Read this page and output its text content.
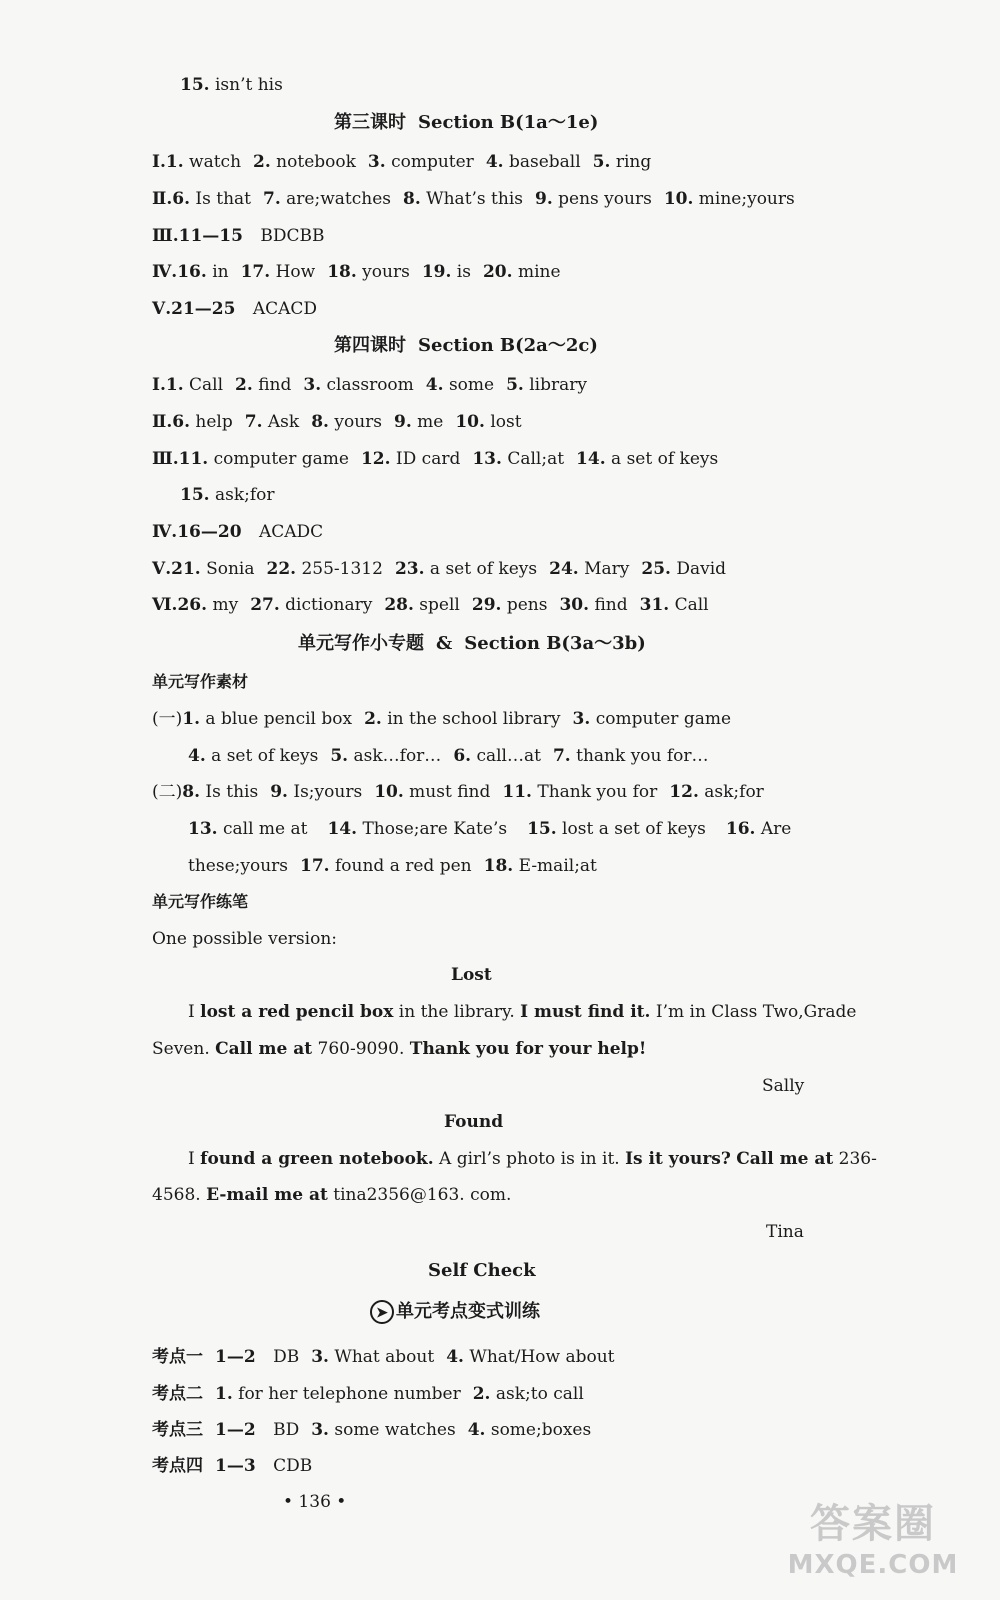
15. isn’t his
第三课时 Section B(1a～1e)
Ⅰ.1. watch 2. notebook 3. computer 4. baseball 5. ring
Ⅱ.6. Is that 7. are;watches 8. What’s this 9. pens yours 10. mine;yours
Ⅲ.11—15 BDCBB
Ⅳ.16. in 17. How 18. yours 19. is 20. mine
Ⅴ.21—25 ACACD
第四课时 Section B(2a～2c)
Ⅰ.1. Call 2. find 3. classroom 4. some 5. library
Ⅱ.6. help 7. Ask 8. yours 9. me 10. lost
Ⅲ.11. computer game 12. ID card 13. Call;at 14. a set of keys
15. ask;for
Ⅳ.16—20 ACADC
Ⅴ.21. Sonia 22. 255-1312 23. a set of keys 24. Mary 25. David
Ⅵ.26. my 27. dictionary 28. spell 29. pens 30. find 31. Call
单元写作小专题 & Section B(3a～3b)
单元写作素材
(一)1. a blue pencil box 2. in the school library 3. computer game
4. a set of keys 5. ask…for… 6. call…at 7. thank you for…
(二)8. Is this 9. Is;yours 10. must find 11. Thank you for 12. ask;for
13. call me at 14. Those;are Kate’s 15. lost a set of keys 16. Are
these;yours 17. found a red pen 18. E-mail;at
单元写作练笔
One possible version:
Lost
I lost a red pencil box in the library. I must find it. I’m in Class Two,Grade
Seven. Call me at 760-9090. Thank you for your help!
Sally
Found
I found a green notebook. A girl’s photo is in it. Is it yours? Call me at 236-
4568. E-mail me at tina2356@163. com.
Tina
Self Check
➤ 单元考点变式训练
考点一 1—2 DB 3. What about 4. What/How about
考点二 1. for her telephone number 2. ask;to call
考点三 1—2 BD 3. some watches 4. some;boxes
考点四 1—3 CDB
• 136 •	答案圈
MXQE.COM
